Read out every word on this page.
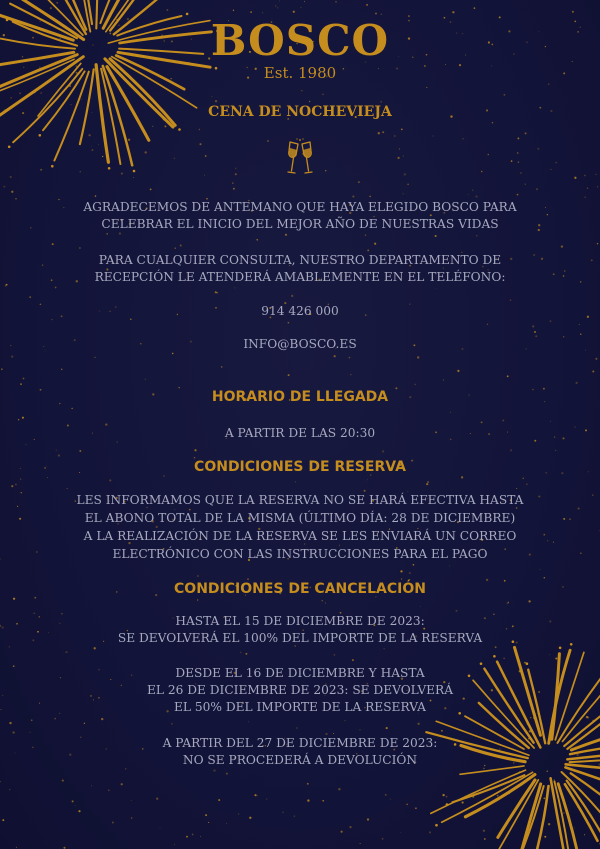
BOSCO
Est. 1980
CENA DE NOCHEVIEJA
AGRADECEMOS DE ANTEMANO QUE HAYA ELEGIDO BOSCO PARA
CELEBRAR EL INICIO DEL MEJOR AÑO DE NUESTRAS VIDAS
PARA CUALQUIER CONSULTA, NUESTRO DEPARTAMENTO DE
RECEPCIÓN LE ATENDERÁ AMABLEMENTE EN EL TELÉFONO:
914 426 000
INFO@BOSCO.ES
HORARIO DE LLEGADA
A PARTIR DE LAS 20:30
CONDICIONES DE RESERVA
LES INFORMAMOS QUE LA RESERVA NO SE HARÁ EFECTIVA HASTA
EL ABONO TOTAL DE LA MISMA (ÚLTIMO DÍA: 28 DE DICIEMBRE)
A LA REALIZACIÓN DE LA RESERVA SE LES ENVIARÁ UN CORREO
ELECTRÓNICO CON LAS INSTRUCCIONES PARA EL PAGO
CONDICIONES DE CANCELACIÓN
HASTA EL 15 DE DICIEMBRE DE 2023:
SE DEVOLVERÁ EL 100% DEL IMPORTE DE LA RESERVA
DESDE EL 16 DE DICIEMBRE Y HASTA
EL 26 DE DICIEMBRE DE 2023: SE DEVOLVERÁ
EL 50% DEL IMPORTE DE LA RESERVA
A PARTIR DEL 27 DE DICIEMBRE DE 2023:
NO SE PROCEDERÁ A DEVOLUCIÓN
